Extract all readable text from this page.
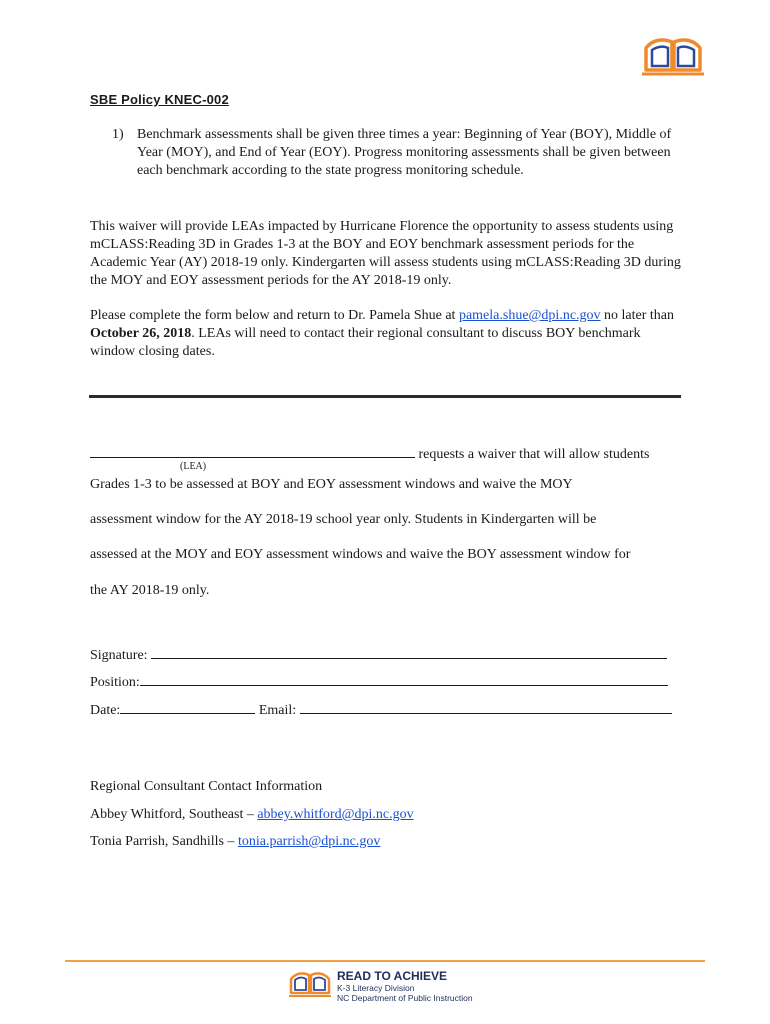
SBE Policy KNEC-002
1) Benchmark assessments shall be given three times a year: Beginning of Year (BOY), Middle of Year (MOY), and End of Year (EOY). Progress monitoring assessments shall be given between each benchmark according to the state progress monitoring schedule.
This waiver will provide LEAs impacted by Hurricane Florence the opportunity to assess students using mCLASS:Reading 3D in Grades 1-3 at the BOY and EOY benchmark assessment periods for the Academic Year (AY) 2018-19 only. Kindergarten will assess students using mCLASS:Reading 3D during the MOY and EOY assessment periods for the AY 2018-19 only.
Please complete the form below and return to Dr. Pamela Shue at pamela.shue@dpi.nc.gov no later than October 26, 2018. LEAs will need to contact their regional consultant to discuss BOY benchmark window closing dates.
requests a waiver that will allow students
(LEA)
Grades 1-3 to be assessed at BOY and EOY assessment windows and waive the MOY
assessment window for the AY 2018-19 school year only. Students in Kindergarten will be
assessed at the MOY and EOY assessment windows and waive the BOY assessment window for
the AY 2018-19 only.
Signature:
Position:
Date:	Email:
Regional Consultant Contact Information
Abbey Whitford, Southeast – abbey.whitford@dpi.nc.gov
Tonia Parrish, Sandhills – tonia.parrish@dpi.nc.gov
READ TO ACHIEVE
K-3 Literacy Division
NC Department of Public Instruction
